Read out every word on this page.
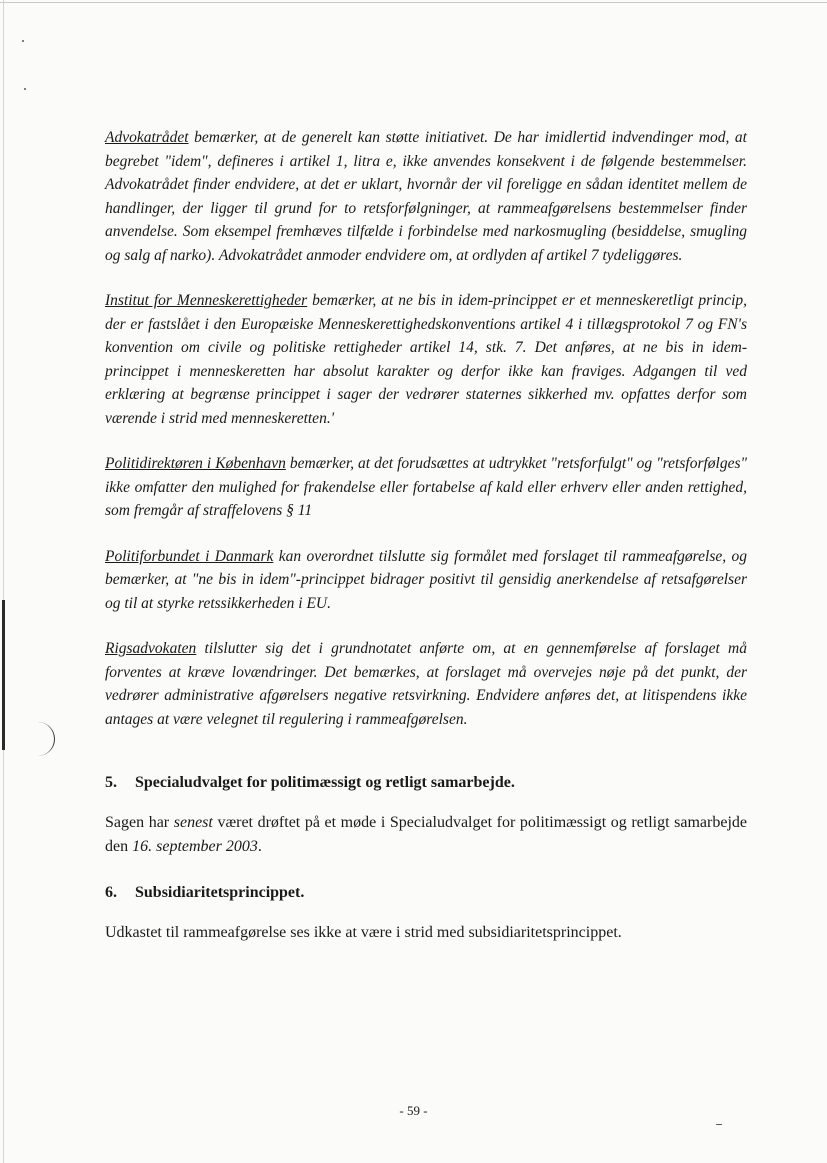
Advokatrådet bemærker, at de generelt kan støtte initiativet. De har imidlertid indvendinger mod, at begrebet "idem", defineres i artikel 1, litra e, ikke anvendes konsekvent i de følgende bestemmelser. Advokatrådet finder endvidere, at det er uklart, hvornår der vil foreligge en sådan identitet mellem de handlinger, der ligger til grund for to retsforfølgninger, at rammeafgørelsens bestemmelser finder anvendelse. Som eksempel fremhæves tilfælde i forbindelse med narkosmugling (besiddelse, smugling og salg af narko). Advokatrådet anmoder endvidere om, at ordlyden af artikel 7 tydeliggøres.

Institut for Menneskerettigheder bemærker, at ne bis in idem-princippet er et menneskeretligt princip, der er fastslået i den Europæiske Menneskerettighedskonventions artikel 4 i tillægsprotokol 7 og FN's konvention om civile og politiske rettigheder artikel 14, stk. 7. Det anføres, at ne bis in idem- princippet i menneskeretten har absolut karakter og derfor ikke kan fraviges. Adgangen til ved erklæring at begrænse princippet i sager der vedrører staternes sikkerhed mv. opfattes derfor som værende i strid med menneskeretten.'

Politidirektøren i København bemærker, at det forudsættes at udtrykket "retsforfulgt" og "retsforfølges" ikke omfatter den mulighed for frakendelse eller fortabelse af kald eller erhverv eller anden rettighed, som fremgår af straffelovens § 11

Politiforbundet i Danmark kan overordnet tilslutte sig formålet med forslaget til rammeafgørelse, og bemærker, at "ne bis in idem"-princippet bidrager positivt til gensidig anerkendelse af retsafgørelser og til at styrke retssikkerheden i EU.

Rigsadvokaten tilslutter sig det i grundnotatet anførte om, at en gennemførelse af forslaget må forventes at kræve lovændringer. Det bemærkes, at forslaget må overvejes nøje på det punkt, der vedrører administrative afgørelsers negative retsvirkning. Endvidere anføres det, at litispendens ikke antages at være velegnet til regulering i rammeafgørelsen.

5.	Specialudvalget for politimæssigt og retligt samarbejde.

Sagen har senest været drøftet på et møde i Specialudvalget for politimæssigt og retligt samarbejde den 16. september 2003.

6.	Subsidiaritetsprincippet.

Udkastet til rammeafgørelse ses ikke at være i strid med subsidiaritetsprincippet.

- 59 -
